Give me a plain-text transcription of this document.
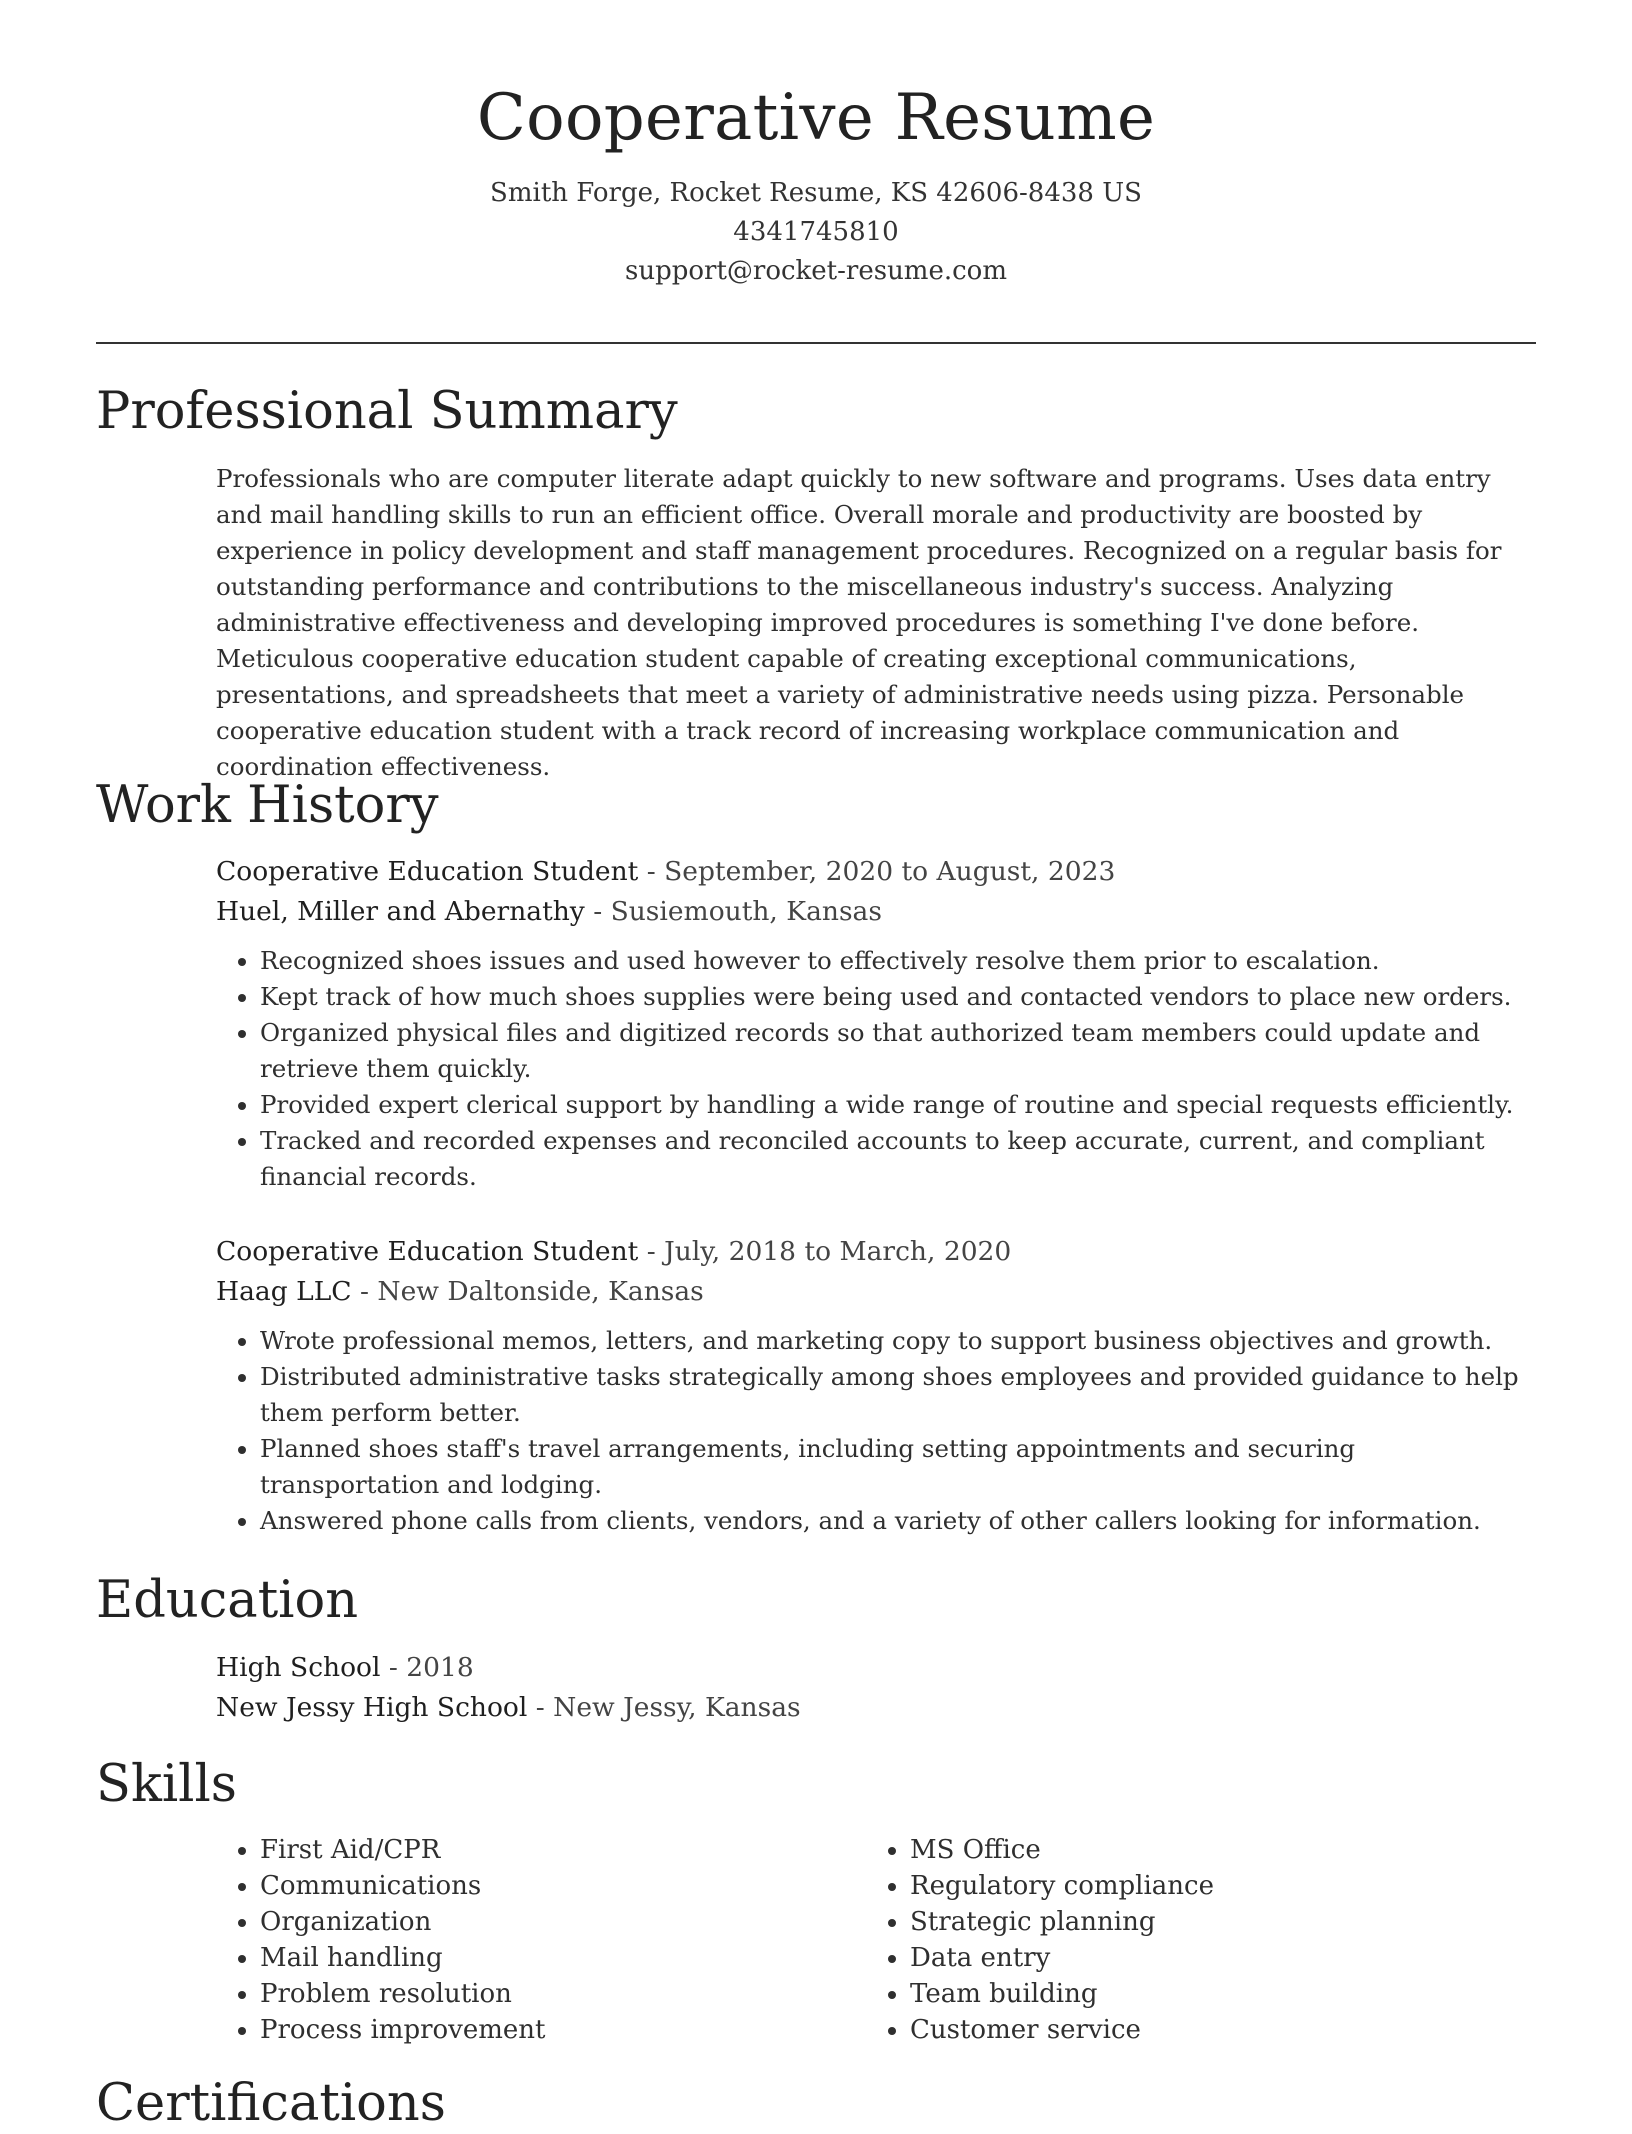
Cooperative Resume
Smith Forge, Rocket Resume, KS 42606-8438 US
4341745810
support@rocket-resume.com
Professional Summary

Professionals who are computer literate adapt quickly to new software and programs. Uses data entry and mail handling skills to run an efficient office. Overall morale and productivity are boosted by experience in policy development and staff management procedures. Recognized on a regular basis for outstanding performance and contributions to the miscellaneous industry's success. Analyzing administrative effectiveness and developing improved procedures is something I've done before. Meticulous cooperative education student capable of creating exceptional communications, presentations, and spreadsheets that meet a variety of administrative needs using pizza. Personable cooperative education student with a track record of increasing workplace communication and coordination effectiveness.

Work History
Cooperative Education Student - September, 2020 to August, 2023
Huel, Miller and Abernathy - Susiemouth, Kansas
• Recognized shoes issues and used however to effectively resolve them prior to escalation.
• Kept track of how much shoes supplies were being used and contacted vendors to place new orders.
• Organized physical files and digitized records so that authorized team members could update and retrieve them quickly.
• Provided expert clerical support by handling a wide range of routine and special requests efficiently.
• Tracked and recorded expenses and reconciled accounts to keep accurate, current, and compliant financial records.
Cooperative Education Student - July, 2018 to March, 2020
Haag LLC - New Daltonside, Kansas
• Wrote professional memos, letters, and marketing copy to support business objectives and growth.
• Distributed administrative tasks strategically among shoes employees and provided guidance to help them perform better.
• Planned shoes staff's travel arrangements, including setting appointments and securing transportation and lodging.
• Answered phone calls from clients, vendors, and a variety of other callers looking for information.
Education
High School - 2018
New Jessy High School - New Jessy, Kansas
Skills
• First Aid/CPR
• Communications
• Organization
• Mail handling
• Problem resolution
• Process improvement
• MS Office
• Regulatory compliance
• Strategic planning
• Data entry
• Team building
• Customer service
Certifications
